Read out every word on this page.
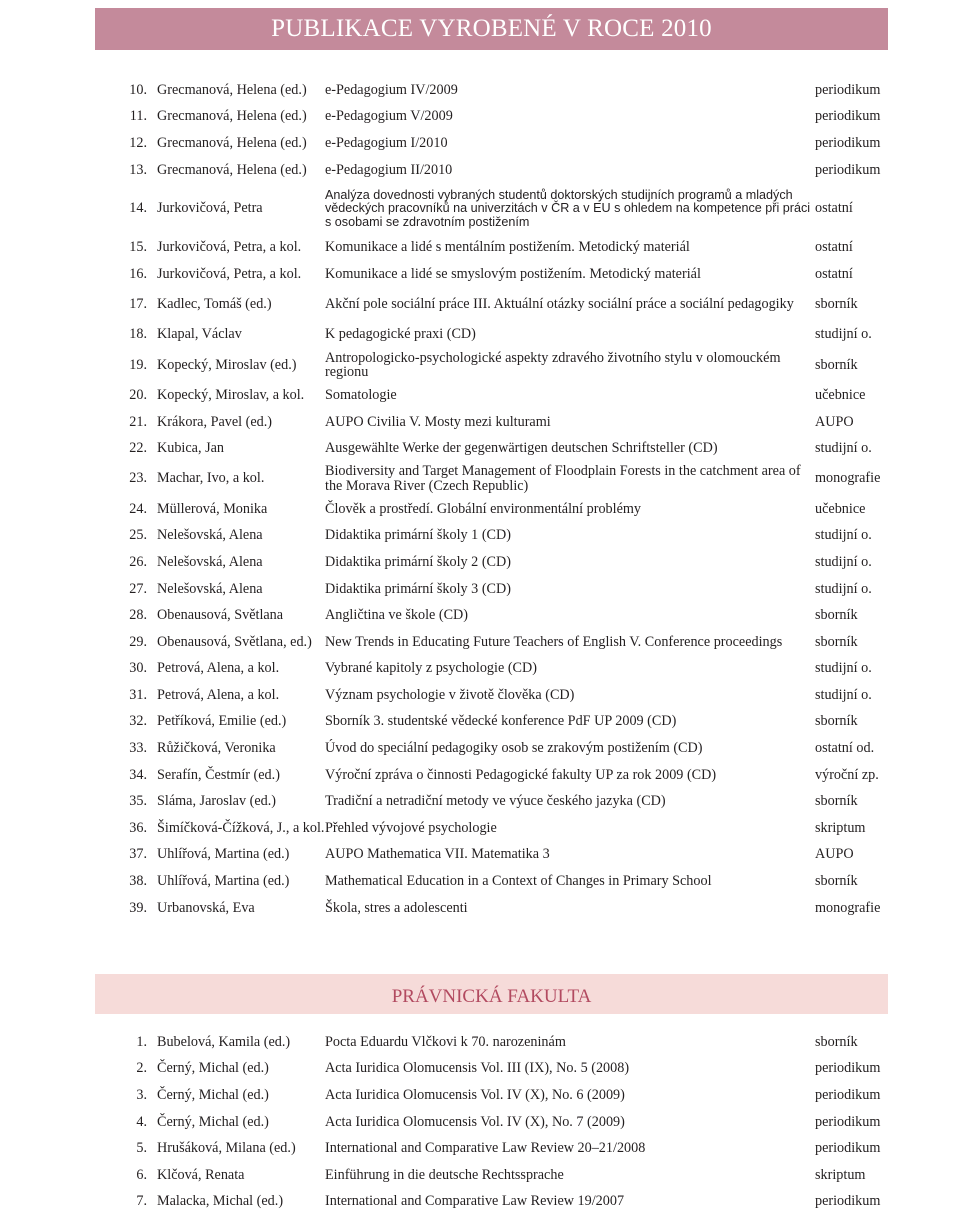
PUBLIKACE VYROBENÉ V ROCE 2010
10.	Grecmanová, Helena (ed.)	e-Pedagogium IV/2009	periodikum
11.	Grecmanová, Helena (ed.)	e-Pedagogium V/2009	periodikum
12.	Grecmanová, Helena (ed.)	e-Pedagogium I/2010	periodikum
13.	Grecmanová, Helena (ed.)	e-Pedagogium II/2010	periodikum
14.	Jurkovičová, Petra	Analýza dovednosti vybraných studentů doktorských studijních programů a mladých vědeckých pracovníků na univerzitách v ČR a v EU s ohledem na kompetence při práci s osobami se zdravotním postižením	ostatní
15.	Jurkovičová, Petra, a kol.	Komunikace a lidé s mentálním postižením. Metodický materiál	ostatní
16.	Jurkovičová, Petra, a kol.	Komunikace a lidé se smyslovým postižením. Metodický materiál	ostatní
17.	Kadlec, Tomáš (ed.)	Akční pole sociální práce III. Aktuální otázky sociální práce a sociální pedagogiky	sborník
18.	Klapal, Václav	K pedagogické praxi (CD)	studijní o.
19.	Kopecký, Miroslav (ed.)	Antropologicko-psychologické aspekty zdravého životního stylu v olomouckém regionu	sborník
20.	Kopecký, Miroslav, a kol.	Somatologie	učebnice
21.	Krákora, Pavel (ed.)	AUPO Civilia V. Mosty mezi kulturami	AUPO
22.	Kubica, Jan	Ausgewählte Werke der gegenwärtigen deutschen Schriftsteller (CD)	studijní o.
23.	Machar, Ivo, a kol.	Biodiversity and Target Management of Floodplain Forests in the catchment area of the Morava River (Czech Republic)	monografie
24.	Müllerová, Monika	Člověk a prostředí. Globální environmentální problémy	učebnice
25.	Nelešovská, Alena	Didaktika primární školy 1 (CD)	studijní o.
26.	Nelešovská, Alena	Didaktika primární školy 2 (CD)	studijní o.
27.	Nelešovská, Alena	Didaktika primární školy 3 (CD)	studijní o.
28.	Obenausová, Světlana	Angličtina ve škole (CD)	sborník
29.	Obenausová, Světlana, ed.)	New Trends in Educating Future Teachers of English V. Conference proceedings	sborník
30.	Petrová, Alena, a kol.	Vybrané kapitoly z psychologie (CD)	studijní o.
31.	Petrová, Alena, a kol.	Význam psychologie v životě člověka (CD)	studijní o.
32.	Petříková, Emilie (ed.)	Sborník 3. studentské vědecké konference PdF UP 2009 (CD)	sborník
33.	Růžičková, Veronika	Úvod do speciální pedagogiky osob se zrakovým postižením (CD)	ostatní od.
34.	Serafín, Čestmír (ed.)	Výroční zpráva o činnosti Pedagogické fakulty UP za rok 2009 (CD)	výroční zp.
35.	Sláma, Jaroslav (ed.)	Tradiční a netradiční metody ve výuce českého jazyka (CD)	sborník
36.	Šimíčková-Čížková, J., a kol.	Přehled vývojové psychologie	skriptum
37.	Uhlířová, Martina (ed.)	AUPO Mathematica VII. Matematika 3	AUPO
38.	Uhlířová, Martina (ed.)	Mathematical Education in a Context of Changes in Primary School	sborník
39.	Urbanovská, Eva	Škola, stres a adolescenti	monografie
PRÁVNICKÁ FAKULTA
1.	Bubelová, Kamila (ed.)	Pocta Eduardu Vlčkovi k 70. narozeninám	sborník
2.	Černý, Michal (ed.)	Acta Iuridica Olomucensis Vol. III (IX), No. 5 (2008)	periodikum
3.	Černý, Michal (ed.)	Acta Iuridica Olomucensis Vol. IV (X), No. 6 (2009)	periodikum
4.	Černý, Michal (ed.)	Acta Iuridica Olomucensis Vol. IV (X), No. 7 (2009)	periodikum
5.	Hrušáková, Milana (ed.)	International and Comparative Law Review 20–21/2008	periodikum
6.	Klčová, Renata	Einführung in die deutsche Rechtssprache	skriptum
7.	Malacka, Michal (ed.)	International and Comparative Law Review 19/2007	periodikum
